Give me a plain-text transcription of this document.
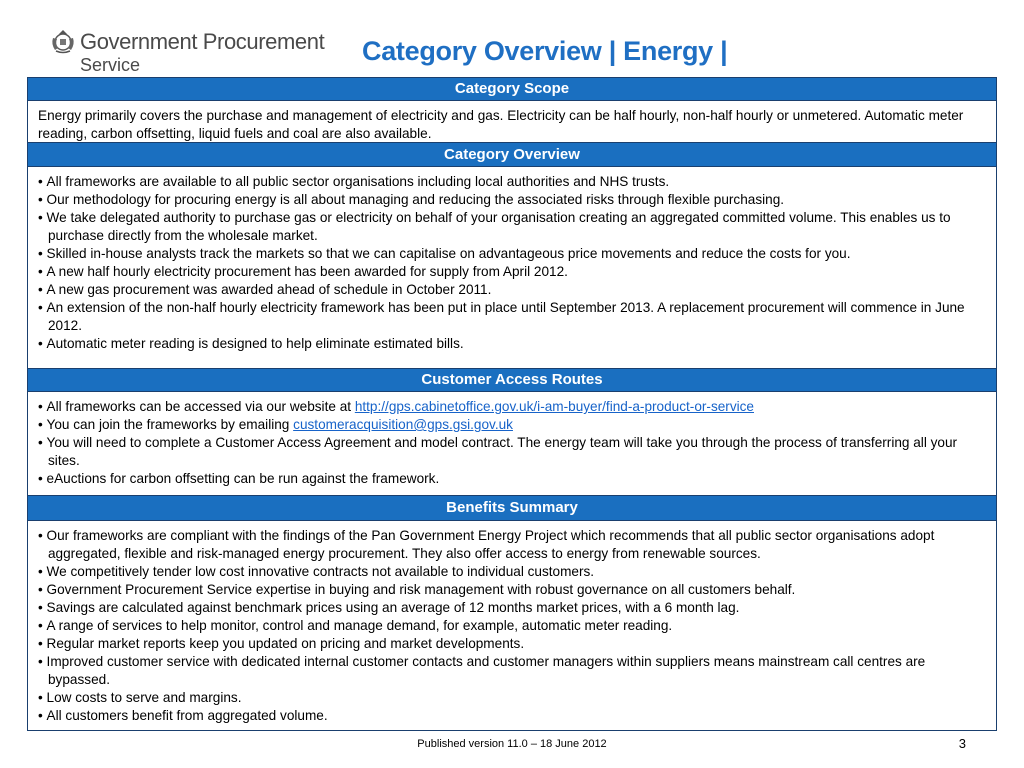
Government Procurement
Service	Category Overview | Energy |
Category Scope

Energy primarily covers the purchase and management of electricity and gas. Electricity can be half hourly, non-half hourly or unmetered. Automatic meter reading, carbon offsetting, liquid fuels and coal are also available.

Category Overview
• All frameworks are available to all public sector organisations including local authorities and NHS trusts.
• Our methodology for procuring energy is all about managing and reducing the associated risks through flexible purchasing.
• We take delegated authority to purchase gas or electricity on behalf of your organisation creating an aggregated committed volume. This enables us to purchase directly from the wholesale market.
• Skilled in-house analysts track the markets so that we can capitalise on advantageous price movements and reduce the costs for you.
• A new half hourly electricity procurement has been awarded for supply from April 2012.
• A new gas procurement was awarded ahead of schedule in October 2011.
• An extension of the non-half hourly electricity framework has been put in place until September 2013. A replacement procurement will commence in June 2012.
• Automatic meter reading is designed to help eliminate estimated bills.
Customer Access Routes
• All frameworks can be accessed via our website at http://gps.cabinetoffice.gov.uk/i-am-buyer/find-a-product-or-service
• You can join the frameworks by emailing customeracquisition@gps.gsi.gov.uk
• You will need to complete a Customer Access Agreement and model contract. The energy team will take you through the process of transferring all your sites.
• eAuctions for carbon offsetting can be run against the framework.
Benefits Summary
• Our frameworks are compliant with the findings of the Pan Government Energy Project which recommends that all public sector organisations adopt aggregated, flexible and risk-managed energy procurement. They also offer access to energy from renewable sources.
• We competitively tender low cost innovative contracts not available to individual customers.
• Government Procurement Service expertise in buying and risk management with robust governance on all customers behalf.
• Savings are calculated against benchmark prices using an average of 12 months market prices, with a 6 month lag.
• A range of services to help monitor, control and manage demand, for example, automatic meter reading.
• Regular market reports keep you updated on pricing and market developments.
• Improved customer service with dedicated internal customer contacts and customer managers within suppliers means mainstream call centres are bypassed.
• Low costs to serve and margins.
• All customers benefit from aggregated volume.
Published version 11.0 – 18 June 2012	3
